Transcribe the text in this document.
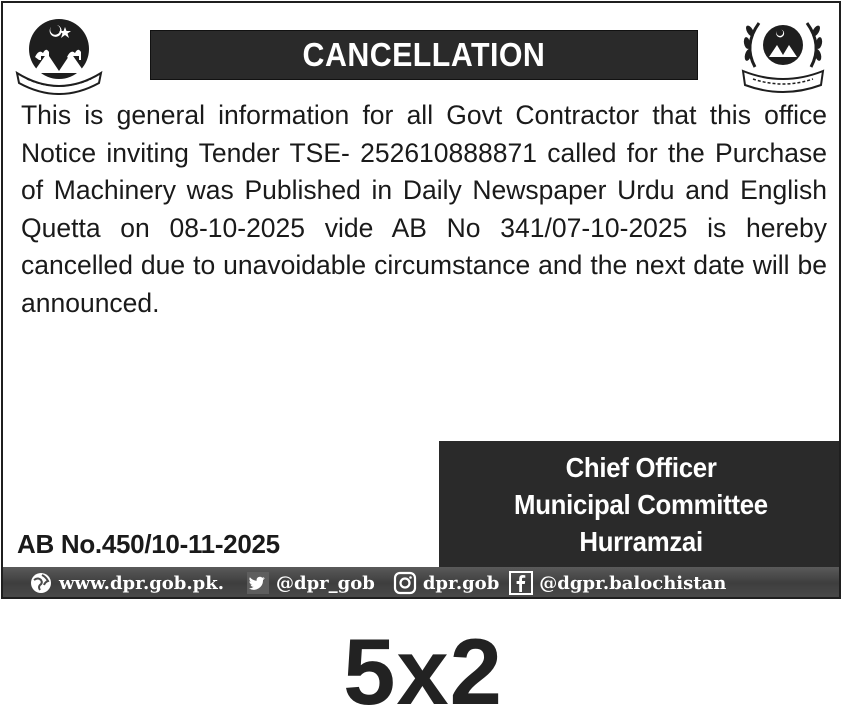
CANCELLATION

This is general information for all Govt Contractor that this office Notice inviting Tender TSE- 252610888871 called for the Purchase of Machinery was Published in Daily Newspaper Urdu and English Quetta on 08-10-2025 vide AB No 341/07-10-2025 is hereby cancelled due to unavoidable circumstance and the next date will be announced.

AB No.450/10-11-2025
Chief Officer
Municipal Committee
Hurramzai
www.dpr.gob.pk.	@dpr_gob	dpr.gob @dgpr.balochistan
5x2
